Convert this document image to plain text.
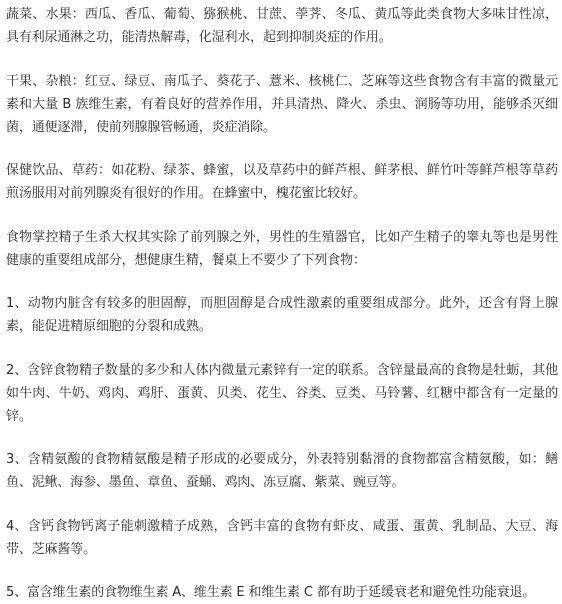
蔬菜、水果：西瓜、香瓜、葡萄、猕猴桃、甘蔗、荸荠、冬瓜、黄瓜等此类食物大多味甘性凉，具有利尿通淋之功，能清热解毒，化湿利水，起到抑制炎症的作用。

干果、杂粮：红豆、绿豆、南瓜子、葵花子、薏米、核桃仁、芝麻等这些食物含有丰富的微量元素和大量 B 族维生素，有着良好的营养作用，并具清热、降火、杀虫、润肠等功用，能够杀灭细菌，通便逐滞，使前列腺腺管畅通，炎症消除。

保健饮品、草药：如花粉、绿茶、蜂蜜，以及草药中的鲜芦根、鲜茅根、鲜竹叶等鲜芦根等草药煎汤服用对前列腺炎有很好的作用。在蜂蜜中，槐花蜜比较好。

食物掌控精子生杀大权其实除了前列腺之外，男性的生殖器官，比如产生精子的睾丸等也是男性健康的重要组成部分，想健康生精，餐桌上不要少了下列食物：

1、动物内脏含有较多的胆固醇，而胆固醇是合成性激素的重要组成部分。此外，还含有肾上腺素，能促进精原细胞的分裂和成熟。

2、含锌食物精子数量的多少和人体内微量元素锌有一定的联系。含锌量最高的食物是牡蛎，其他如牛肉、牛奶、鸡肉、鸡肝、蛋黄、贝类、花生、谷类、豆类、马铃薯、红糖中都含有一定量的锌。

3、含精氨酸的食物精氨酸是精子形成的必要成分，外表特别黏滑的食物都富含精氨酸，如：鳝鱼、泥鳅、海参、墨鱼、章鱼、蚕蛹、鸡肉、冻豆腐、紫菜、豌豆等。

4、含钙食物钙离子能刺激精子成熟，含钙丰富的食物有虾皮、咸蛋、蛋黄、乳制品、大豆、海带、芝麻酱等。

5、富含维生素的食物维生素 A、维生素 E 和维生素 C 都有助于延缓衰老和避免性功能衰退。
